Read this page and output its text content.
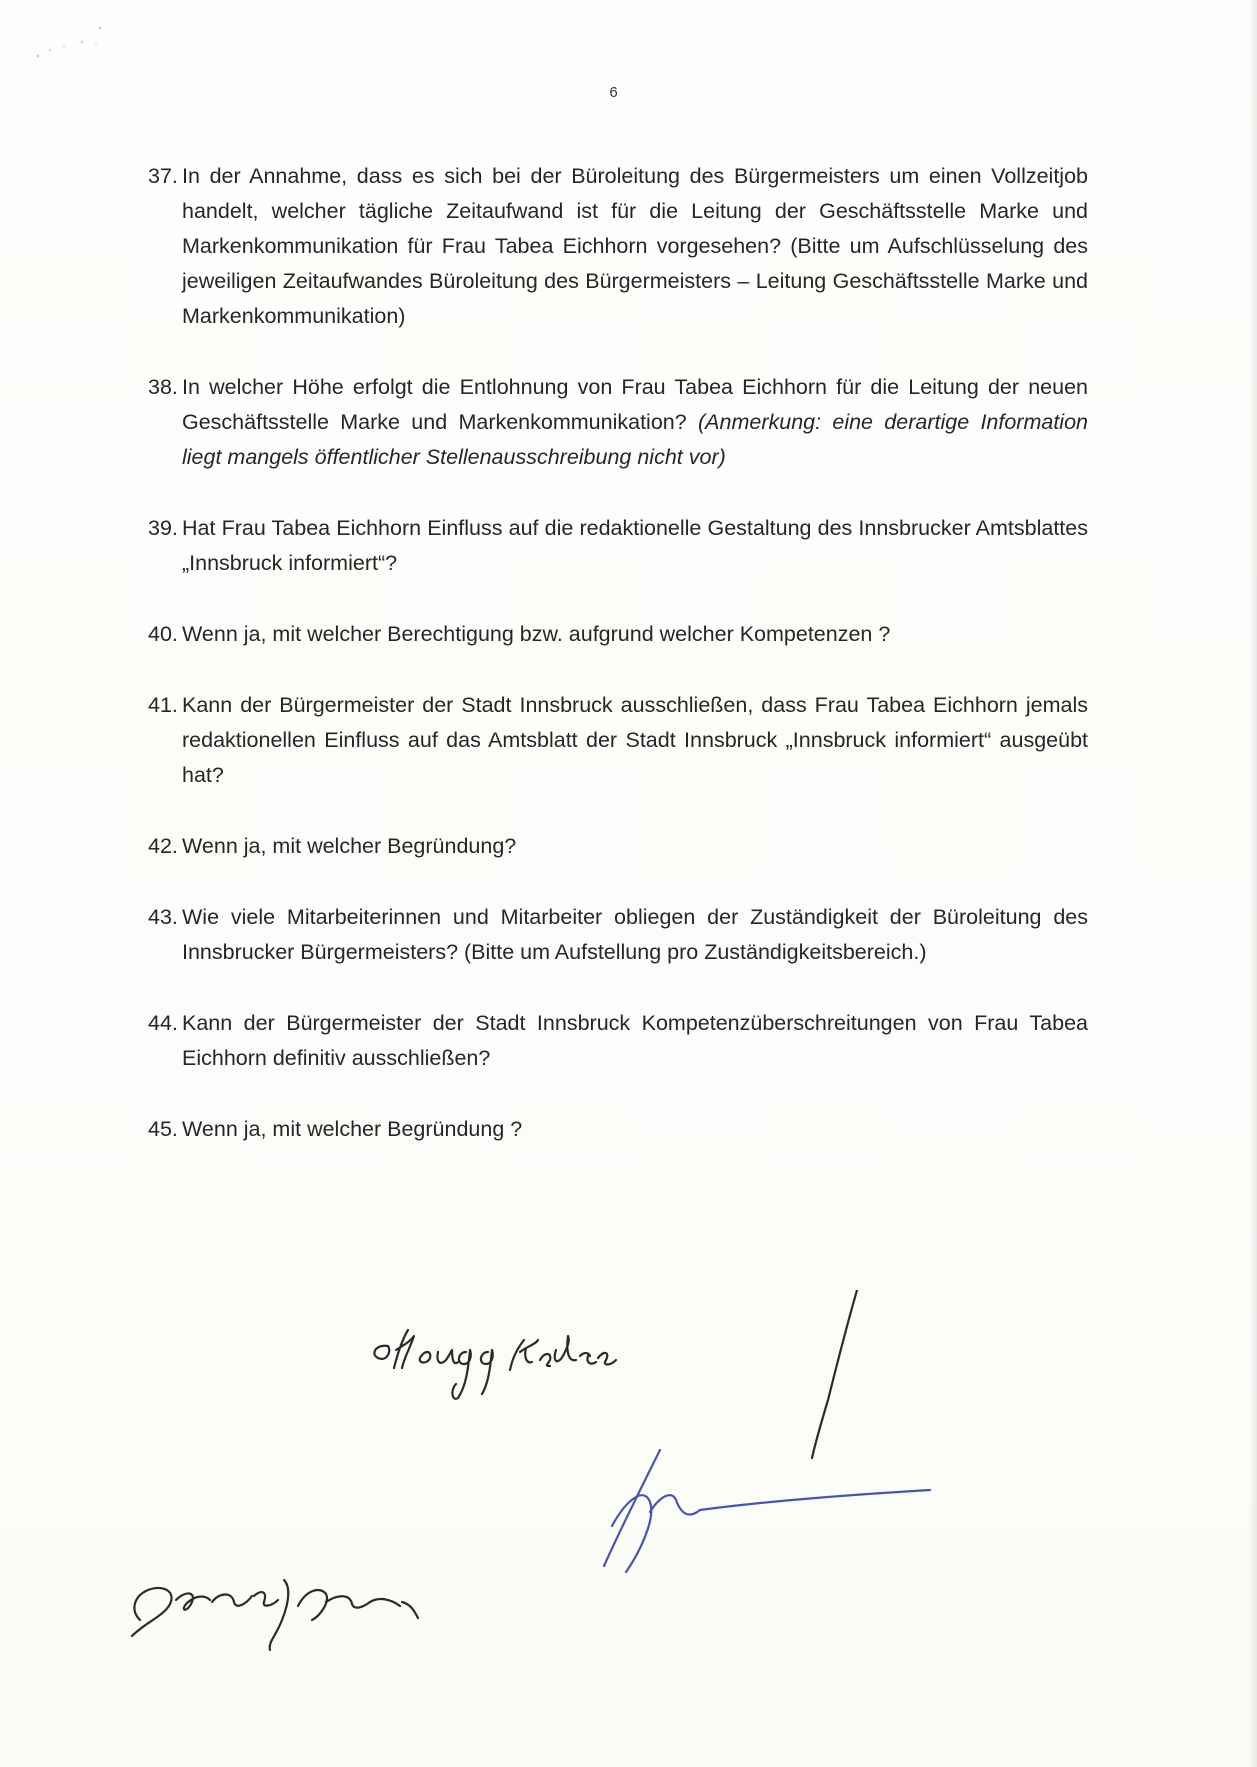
6
37. In der Annahme, dass es sich bei der Büroleitung des Bürgermeisters um einen Vollzeitjob handelt, welcher tägliche Zeitaufwand ist für die Leitung der Geschäftsstelle Marke und Markenkommunikation für Frau Tabea Eichhorn vorgesehen? (Bitte um Aufschlüsselung des jeweiligen Zeitaufwandes Büroleitung des Bürgermeisters – Leitung Geschäftsstelle Marke und Markenkommunikation)
38. In welcher Höhe erfolgt die Entlohnung von Frau Tabea Eichhorn für die Leitung der neuen Geschäftsstelle Marke und Markenkommunikation? (Anmerkung: eine derartige Information liegt mangels öffentlicher Stellenausschreibung nicht vor)
39. Hat Frau Tabea Eichhorn Einfluss auf die redaktionelle Gestaltung des Innsbrucker Amtsblattes „Innsbruck informiert“?
40. Wenn ja, mit welcher Berechtigung bzw. aufgrund welcher Kompetenzen ?
41. Kann der Bürgermeister der Stadt Innsbruck ausschließen, dass Frau Tabea Eichhorn jemals redaktionellen Einfluss auf das Amtsblatt der Stadt Innsbruck „Innsbruck informiert“ ausgeübt hat?
42. Wenn ja, mit welcher Begründung?
43. Wie viele Mitarbeiterinnen und Mitarbeiter obliegen der Zuständigkeit der Büroleitung des Innsbrucker Bürgermeisters? (Bitte um Aufstellung pro Zuständigkeitsbereich.)
44. Kann der Bürgermeister der Stadt Innsbruck Kompetenzüberschreitungen von Frau Tabea Eichhorn definitiv ausschließen?
45. Wenn ja, mit welcher Begründung ?
